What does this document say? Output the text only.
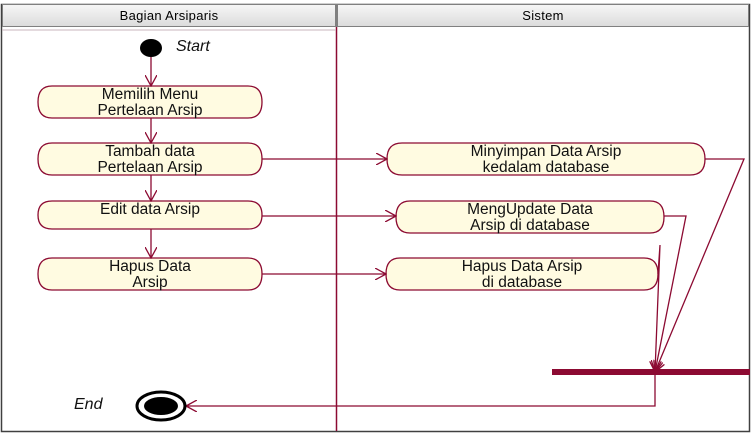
Bagian Arsiparis	Sistem
Start
End
Memilih Menu
Pertelaan Arsip
Tambah data
Pertelaan Arsip
Edit data Arsip
Hapus Data
Arsip
Minyimpan Data Arsip
kedalam database
MengUpdate Data
Arsip di database
Hapus Data Arsip
di database
